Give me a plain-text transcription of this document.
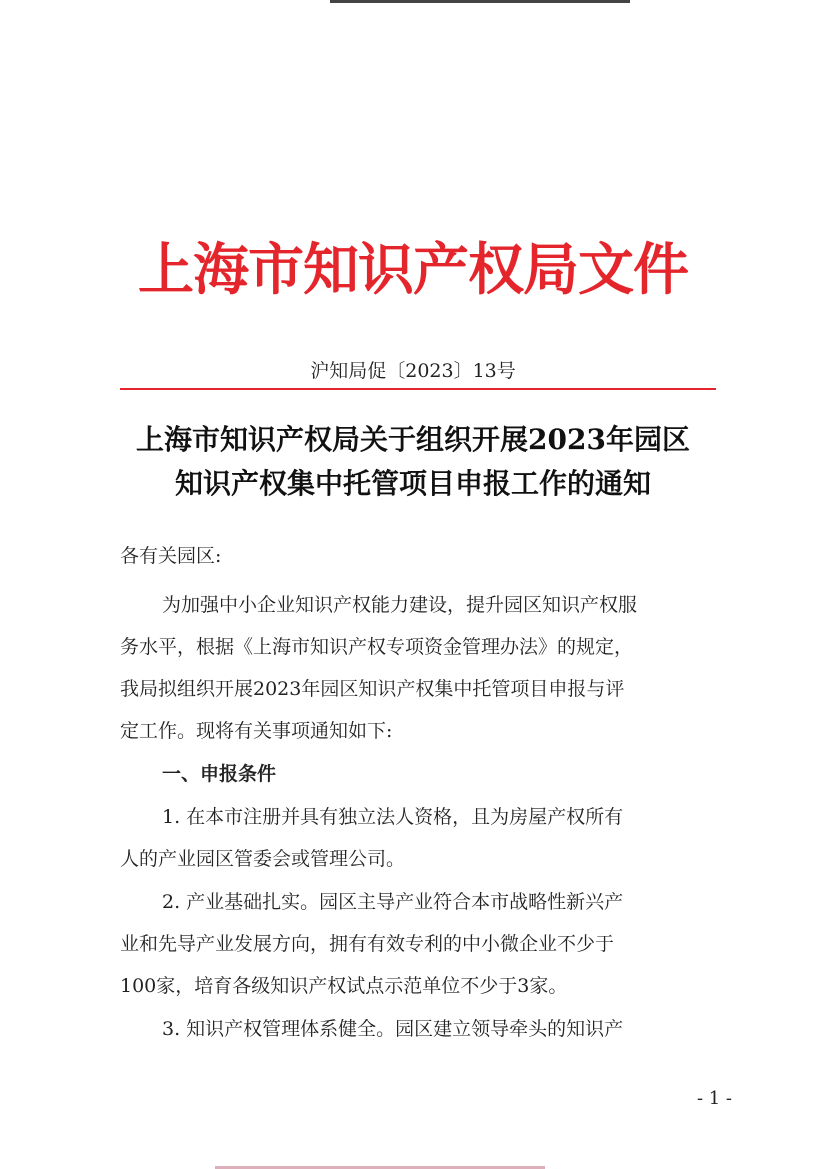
上海市知识产权局文件
沪知局促〔2023〕13号
上海市知识产权局关于组织开展2023年园区
知识产权集中托管项目申报工作的通知
各有关园区:
为加强中小企业知识产权能力建设，提升园区知识产权服
务水平，根据《上海市知识产权专项资金管理办法》的规定，
我局拟组织开展2023年园区知识产权集中托管项目申报与评
定工作。现将有关事项通知如下:
一、申报条件
1. 在本市注册并具有独立法人资格，且为房屋产权所有
人的产业园区管委会或管理公司。
2. 产业基础扎实。园区主导产业符合本市战略性新兴产
业和先导产业发展方向，拥有有效专利的中小微企业不少于
100家，培育各级知识产权试点示范单位不少于3家。
3. 知识产权管理体系健全。园区建立领导牵头的知识产
- 1 -
